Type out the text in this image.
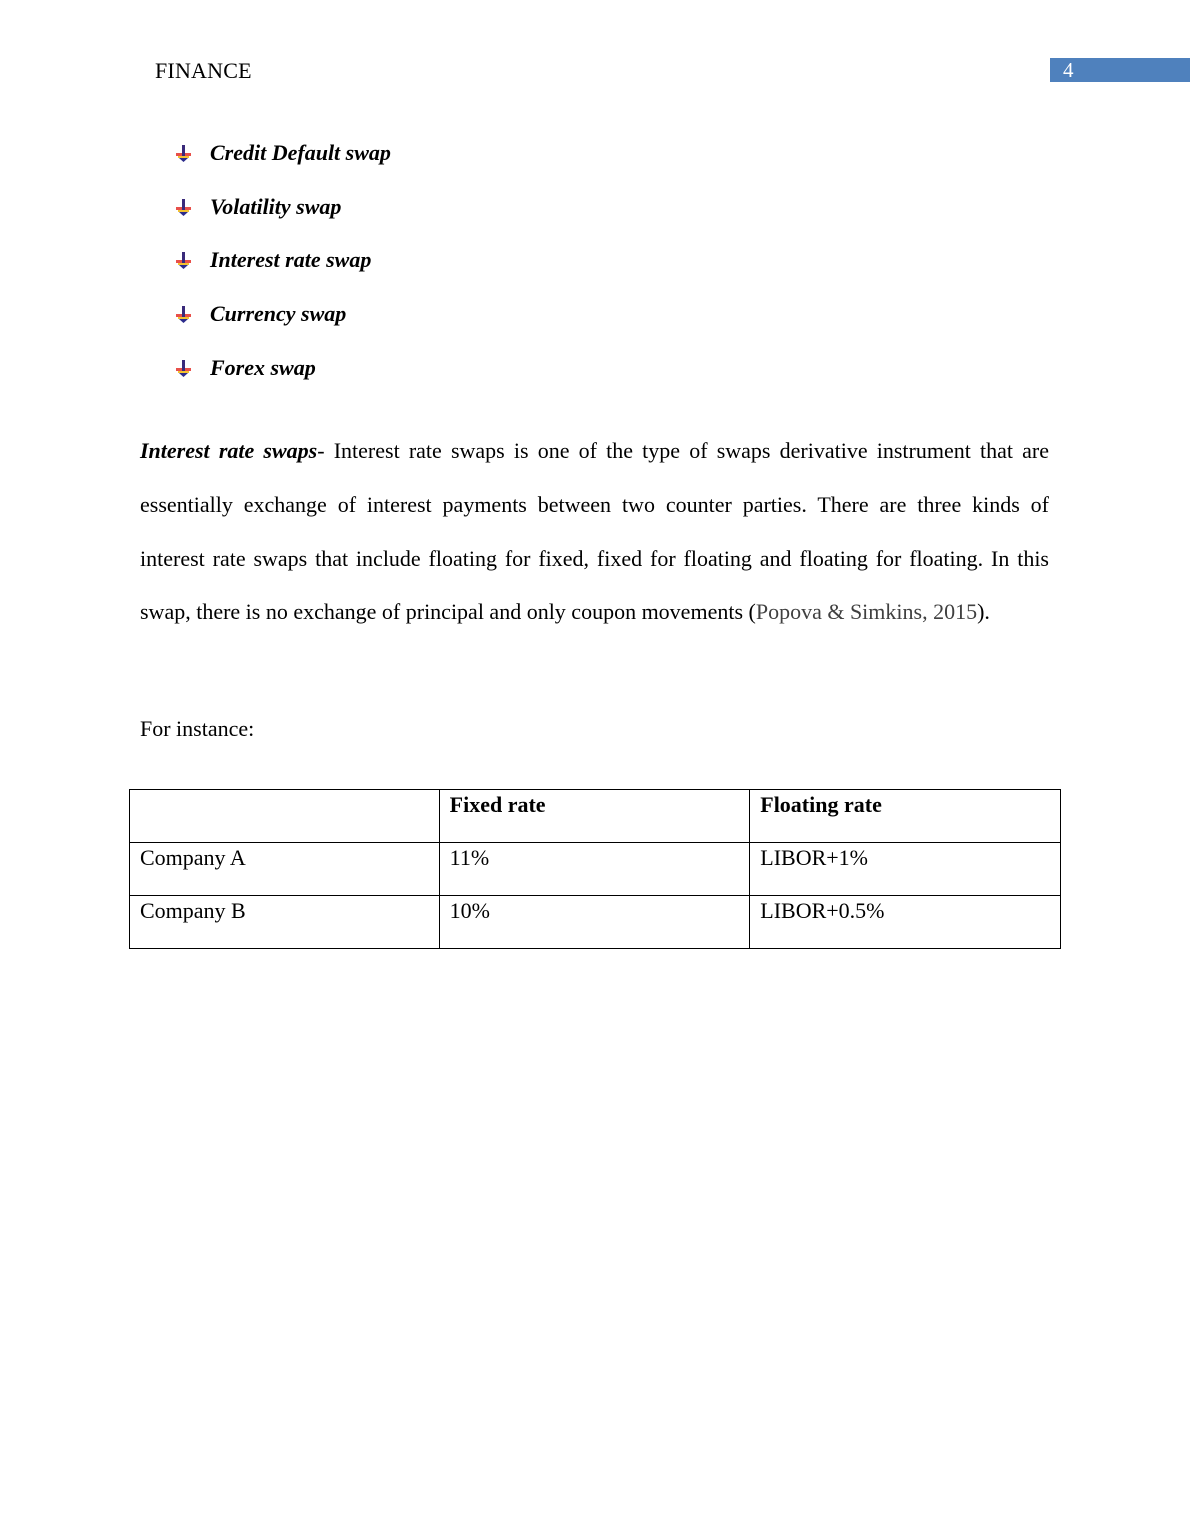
FINANCE	4
Credit Default swap
Volatility swap
Interest rate swap
Currency swap
Forex swap

Interest rate swaps- Interest rate swaps is one of the type of swaps derivative instrument that are essentially exchange of interest payments between two counter parties. There are three kinds of interest rate swaps that include floating for fixed, fixed for floating and floating for floating. In this swap, there is no exchange of principal and only coupon movements (Popova & Simkins, 2015).

For instance:

	Fixed rate	Floating rate
Company A	11%	LIBOR+1%
Company B	10%	LIBOR+0.5%
